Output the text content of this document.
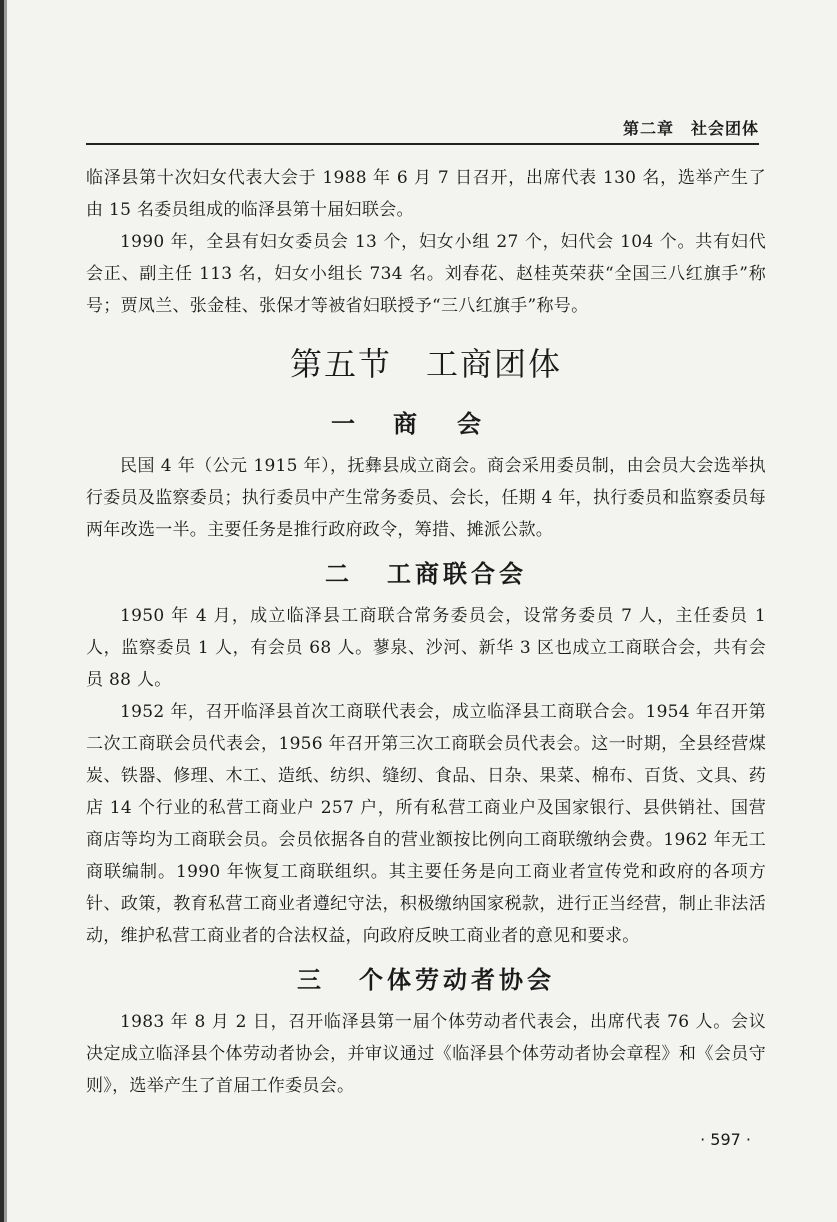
第二章　社会团体

临泽县第十次妇女代表大会于 1988 年 6 月 7 日召开，出席代表 130 名，选举产生了由 15 名委员组成的临泽县第十届妇联会。

1990 年，全县有妇女委员会 13 个，妇女小组 27 个，妇代会 104 个。共有妇代会正、副主任 113 名，妇女小组长 734 名。刘春花、赵桂英荣获“全国三八红旗手”称号；贾凤兰、张金桂、张保才等被省妇联授予“三八红旗手”称号。

第五节　工商团体
一 商会

民国 4 年（公元 1915 年），抚彝县成立商会。商会采用委员制，由会员大会选举执行委员及监察委员；执行委员中产生常务委员、会长，任期 4 年，执行委员和监察委员每两年改选一半。主要任务是推行政府政令，筹措、摊派公款。

二 工商联合会

1950 年 4 月，成立临泽县工商联合常务委员会，设常务委员 7 人，主任委员 1 人，监察委员 1 人，有会员 68 人。蓼泉、沙河、新华 3 区也成立工商联合会，共有会员 88 人。

1952 年，召开临泽县首次工商联代表会，成立临泽县工商联合会。1954 年召开第二次工商联会员代表会，1956 年召开第三次工商联会员代表会。这一时期，全县经营煤炭、铁器、修理、木工、造纸、纺织、缝纫、食品、日杂、果菜、棉布、百货、文具、药店 14 个行业的私营工商业户 257 户，所有私营工商业户及国家银行、县供销社、国营商店等均为工商联会员。会员依据各自的营业额按比例向工商联缴纳会费。1962 年无工商联编制。1990 年恢复工商联组织。其主要任务是向工商业者宣传党和政府的各项方针、政策，教育私营工商业者遵纪守法，积极缴纳国家税款，进行正当经营，制止非法活动，维护私营工商业者的合法权益，向政府反映工商业者的意见和要求。

三 个体劳动者协会

1983 年 8 月 2 日，召开临泽县第一届个体劳动者代表会，出席代表 76 人。会议决定成立临泽县个体劳动者协会，并审议通过《临泽县个体劳动者协会章程》和《会员守则》，选举产生了首届工作委员会。

· 597 ·
